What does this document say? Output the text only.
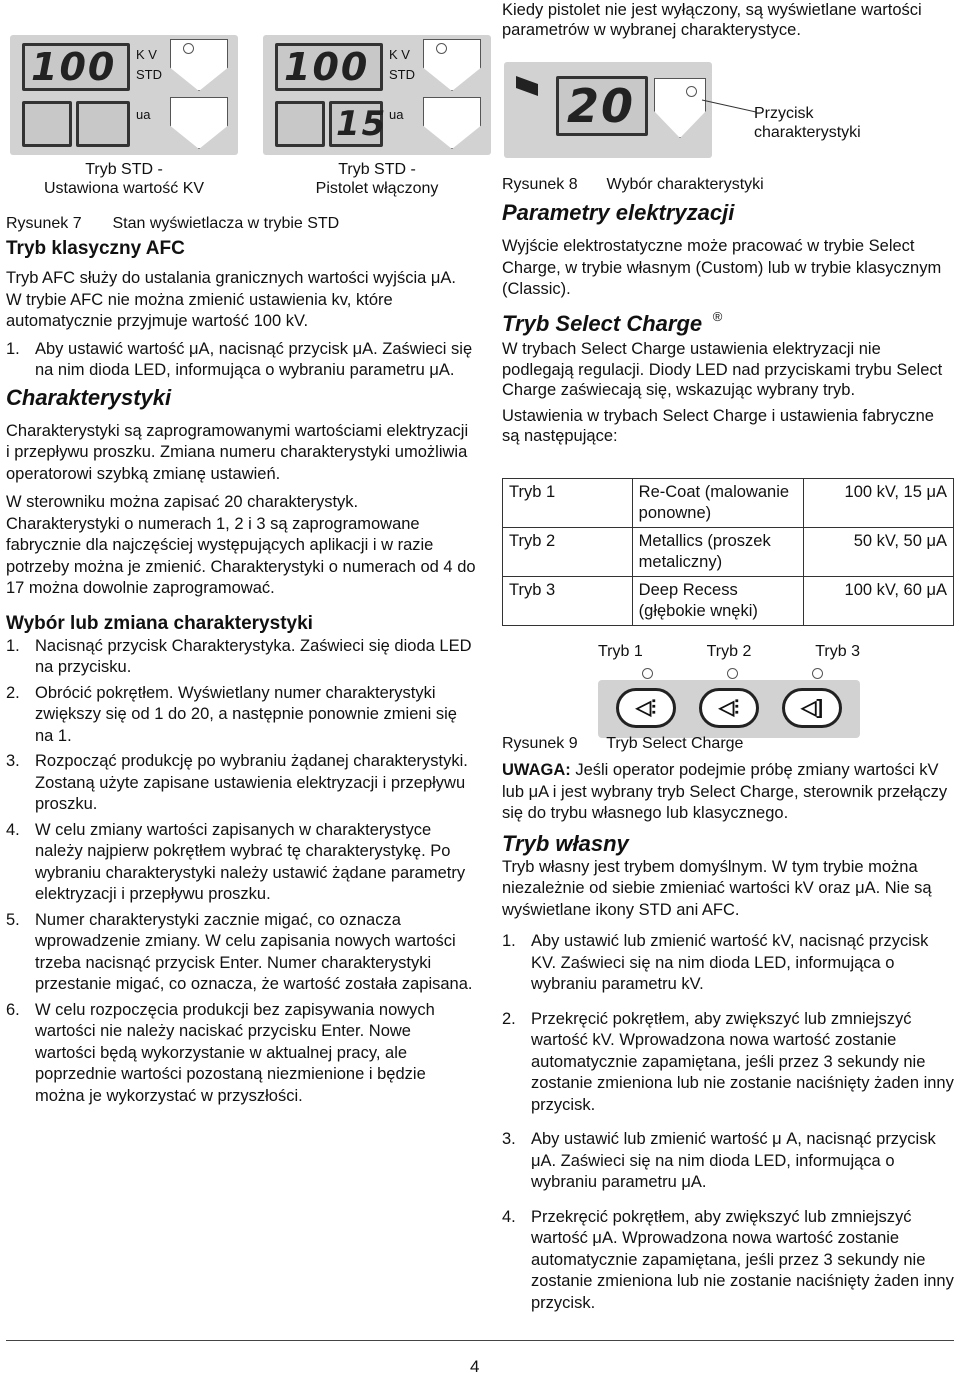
Kiedy pistolet nie jest wyłączony, są wyświetlane wartości parametrów w wybranej charakterystyce.
100	K V
STD
ua
Tryb STD -
Ustawiona wartość KV
100	K V
STD
15 ua
Tryb STD -
Pistolet włączony
Rysunek 7 Stan wyświetlacza w trybie STD
20	Przycisk
charakterystyki
Rysunek 8 Wybór charakterystyki
Tryb klasyczny AFC

Tryb AFC służy do ustalania granicznych wartości wyjścia μA. W trybie AFC nie można zmienić ustawienia kv, które automatycznie przyjmuje wartość 100 kV.

1. Aby ustawić wartość μA, nacisnąć przycisk μA. Zaświeci się na nim dioda LED, informująca o wybraniu parametru μA.
Charakterystyki

Charakterystyki są zaprogramowanymi wartościami elektryzacji i przepływu proszku. Zmiana numeru charakterystyki umożliwia operatorowi szybką zmianę ustawień.

W sterowniku można zapisać 20 charakterystyk. Charakterystyki o numerach 1, 2 i 3 są zaprogramowane fabrycznie dla najczęściej występujących aplikacji i w razie potrzeby można je zmienić. Charakterystyki o numerach od 4 do 17 można dowolnie zaprogramować.

Wybór lub zmiana charakterystyki
1. Nacisnąć przycisk Charakterystyka. Zaświeci się dioda LED na przycisku.
2. Obrócić pokrętłem. Wyświetlany numer charakterystyki zwiększy się od 1 do 20, a następnie ponownie zmieni się na 1.
3. Rozpocząć produkcję po wybraniu żądanej charakterystyki. Zostaną użyte zapisane ustawienia elektryzacji i przepływu proszku.
4. W celu zmiany wartości zapisanych w charakterystyce należy najpierw pokrętłem wybrać tę charakterystykę. Po wybraniu charakterystyki należy ustawić żądane parametry elektryzacji i przepływu proszku.
5. Numer charakterystyki zacznie migać, co oznacza wprowadzenie zmiany. W celu zapisania nowych wartości trzeba nacisnąć przycisk Enter. Numer charakterystyki przestanie migać, co oznacza, że wartość została zapisana.
6. W celu rozpoczęcia produkcji bez zapisywania nowych wartości nie należy naciskać przycisku Enter. Nowe wartości będą wykorzystanie w aktualnej pracy, ale poprzednie wartości pozostaną niezmienione i będzie można je wykorzystać w przyszłości.
Parametry elektryzacji

Wyjście elektrostatyczne może pracować w trybie Select Charge, w trybie własnym (Custom) lub w trybie klasycznym (Classic).

Tryb Select Charge ®

W trybach Select Charge ustawienia elektryzacji nie podlegają regulacji. Diody LED nad przyciskami trybu Select Charge zaświecają się, wskazując wybrany tryb.

Ustawienia w trybach Select Charge i ustawienia fabryczne są następujące:

Tryb 1	Re-Coat (malowanie ponowne)	100 kV, 15 μA
Tryb 2	Metallics (proszek metaliczny)	50 kV, 50 μA
Tryb 3	Deep Recess (głębokie wnęki)	100 kV, 60 μA
Tryb 1	Tryb 2	Tryb 3
◁⫶	◁⫶	◁]
Rysunek 9 Tryb Select Charge

UWAGA: Jeśli operator podejmie próbę zmiany wartości kV lub μA i jest wybrany tryb Select Charge, sterownik przełączy się do trybu własnego lub klasycznego.

Tryb własny

Tryb własny jest trybem domyślnym. W tym trybie można niezależnie od siebie zmieniać wartości kV oraz μA. Nie są wyświetlane ikony STD ani AFC.

1. Aby ustawić lub zmienić wartość kV, nacisnąć przycisk KV. Zaświeci się na nim dioda LED, informująca o wybraniu parametru kV.
2. Przekręcić pokrętłem, aby zwiększyć lub zmniejszyć wartość kV. Wprowadzona nowa wartość zostanie automatycznie zapamiętana, jeśli przez 3 sekundy nie zostanie zmieniona lub nie zostanie naciśnięty żaden inny przycisk.
3. Aby ustawić lub zmienić wartość μ A, nacisnąć przycisk μA. Zaświeci się na nim dioda LED, informująca o wybraniu parametru μA.
4. Przekręcić pokrętłem, aby zwiększyć lub zmniejszyć wartość μA. Wprowadzona nowa wartość zostanie automatycznie zapamiętana, jeśli przez 3 sekundy nie zostanie zmieniona lub nie zostanie naciśnięty żaden inny przycisk.
4
